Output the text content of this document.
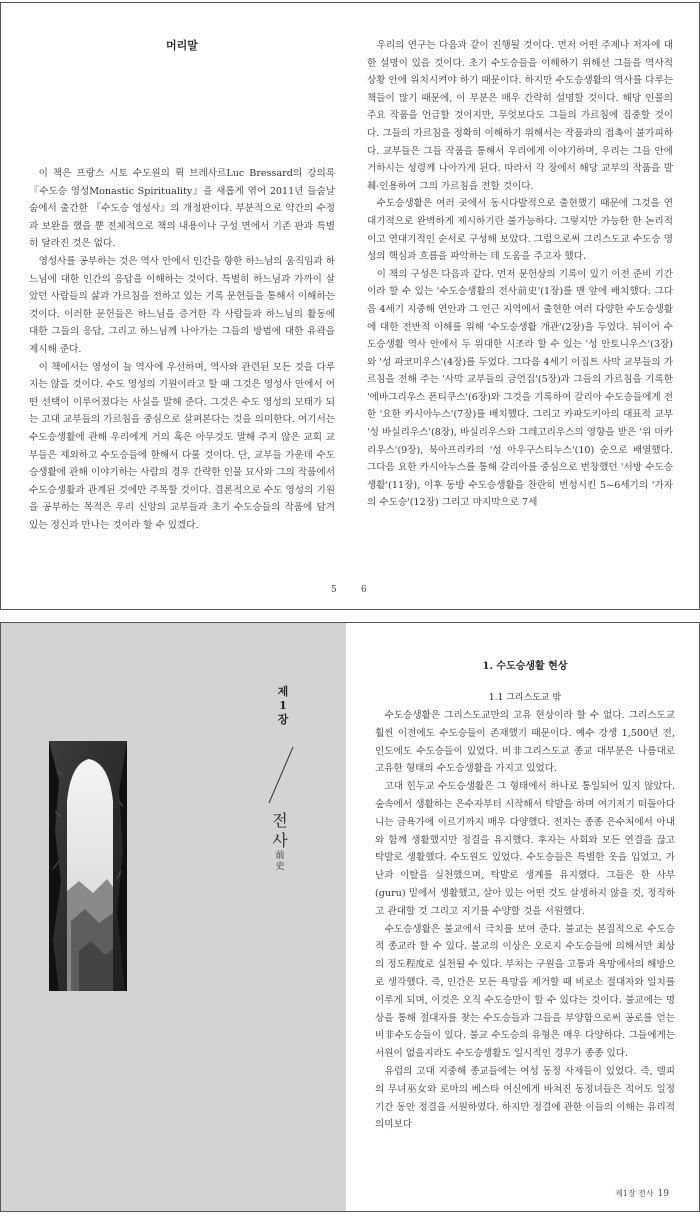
머리말

이 책은 프랑스 시토 수도원의 뤽 브레사르Luc Bressard의 강의록 『수도승 영성Monastic Spirituality』을 새롭게 엮어 2011년 들숨날숨에서 출간한 『수도승 영성사』의 개정판이다. 부분적으로 약간의 수정과 보완을 했을 뿐 전체적으로 책의 내용이나 구성 면에서 기존 판과 특별히 달라진 것은 없다.

영성사를 공부하는 것은 역사 안에서 인간을 향한 하느님의 움직임과 하느님에 대한 인간의 응답을 이해하는 것이다. 특별히 하느님과 가까이 살았던 사람들의 삶과 가르침을 전하고 있는 기록 문헌들을 통해서 이해하는 것이다. 이러한 문헌들은 하느님을 증거한 각 사람들과 하느님의 활동에 대한 그들의 응답, 그리고 하느님께 나아가는 그들의 방법에 대한 유곽을 제시해 준다.

이 책에서는 영성이 늘 역사에 우선하며, 역사와 관련된 모든 것을 다루지는 않을 것이다. 수도 영성의 기원이라고 할 때 그것은 영성사 안에서 어떤 선택이 이루어졌다는 사실을 말해 준다. 그것은 수도 영성의 모태가 되는 고대 교부들의 가르침을 중심으로 살펴본다는 것을 의미한다. 여기서는 수도승생활에 관해 우리에게 거의 혹은 아무것도 말해 주지 않은 교회 교부들은 제외하고 수도승들에 한해서 다룰 것이다. 단, 교부들 가운데 수도승생활에 관해 이야기하는 사람의 경우 간략한 인물 묘사와 그의 작품에서 수도승생활과 관계된 것에만 주목할 것이다. 결론적으로 수도 영성의 기원을 공부하는 목적은 우리 신앙의 교부들과 초기 수도승들의 작품에 담겨 있는 정신과 만나는 것이라 할 수 있겠다.

5

우리의 연구는 다음과 같이 진행될 것이다. 먼저 어떤 주제나 저자에 대한 설명이 있을 것이다. 초기 수도승들을 이해하기 위해선 그들을 역사적 상황 안에 위치시켜야 하기 때문이다. 하지만 수도승생활의 역사를 다루는 책들이 많기 때문에, 이 부분은 매우 간략히 설명할 것이다. 해당 인물의 주요 작품을 언급할 것이지만, 무엇보다도 그들의 가르침에 집중할 것이다. 그들의 가르침을 정확히 이해하기 위해서는 작품과의 접촉이 불가피하다. 교부들은 그들 작품을 통해서 우리에게 이야기하며, 우리는 그들 안에 거하시는 성령께 나아가게 된다. 따라서 각 장에서 해당 교부의 작품을 발췌·인용하여 그의 가르침을 전할 것이다.

수도승생활은 여러 곳에서 동시다발적으로 출현했기 때문에 그것을 연대기적으로 완벽하게 제시하기란 불가능하다. 그렇지만 가능한 한 논리적이고 연대기적인 순서로 구성해 보았다. 그럼으로써 그리스도교 수도승 영성의 핵심과 흐름을 파악하는 데 도움을 주고자 했다.

이 책의 구성은 다음과 같다. 먼저 문헌상의 기록이 있기 이전 준비 기간이라 할 수 있는 '수도승생활의 전사前史'(1장)를 맨 앞에 배치했다. 그다음 4세기 지중해 연안과 그 인근 지역에서 출현한 여러 다양한 수도승생활에 대한 전반적 이해를 위해 '수도승생활 개관'(2장)을 두었다. 뒤이어 수도승생활 역사 안에서 두 위대한 시조라 할 수 있는 '성 안토니우스'(3장)와 '성 파코미우스'(4장)를 두었다. 그다음 4세기 이집트 사막 교부들의 가르침을 전해 주는 '사막 교부들의 금언집'(5장)과 그들의 가르침을 기록한 '에바그리우스 폰티쿠스'(6장)와 그것을 기록하여 갈리아 수도승들에게 전한 '요한 카시아누스'(7장)를 배치했다. 그리고 카파도키아의 대표적 교부 '성 바실리우스'(8장), 바실리우스와 그레고리우스의 영향을 받은 '위 마카리우스'(9장), 북아프리카의 '성 아우구스티누스'(10) 순으로 배열했다. 그다음 요한 카시아누스를 통해 갈리아를 중심으로 번창했던 '서방 수도승생활'(11장), 이후 동방 수도승생활을 찬란히 번성시킨 5~6세기의 '가자의 수도승'(12장) 그리고 마지막으로 7세

6
제
1
장
전
사
前
史
1. 수도승생활 현상
1.1 그리스도교 밖

수도승생활은 그리스도교만의 고유 현상이라 할 수 없다. 그리스도교 훨씬 이전에도 수도승들이 존재했기 때문이다. 예수 강생 1,500년 전, 인도에도 수도승들이 있었다. 비非그리스도교 종교 대부분은 나름대로 고유한 형태의 수도승생활을 가지고 있었다.

고대 힌두교 수도승생활은 그 형태에서 하나로 통일되어 있지 않았다. 숲속에서 생활하는 은수자부터 시작해서 탁발을 하며 여기저기 떠돌아다니는 금욕가에 이르기까지 매우 다양했다. 전자는 종종 은수처에서 아내와 함께 생활했지만 정결을 유지했다. 후자는 사회와 모든 연결을 끊고 탁발로 생활했다. 수도원도 있었다. 수도승들은 특별한 옷을 입었고, 가난과 이탈을 실천했으며, 탁발로 생계를 유지했다. 그들은 한 사부(guru) 밑에서 생활했고, 살아 있는 어떤 것도 살생하지 않을 것, 정직하고 관대할 것 그리고 지기를 수양할 것을 서원했다.

수도승생활은 불교에서 극치를 보여 준다. 불교는 본질적으로 수도승적 종교라 할 수 있다. 불교의 이상은 오로지 수도승들에 의해서만 최상의 정도程度로 실천될 수 있다. 부처는 구원을 고통과 욕망에서의 해방으로 생각했다. 즉, 인간은 모든 욕망을 제거할 때 비로소 절대자와 일치를 이루게 되며, 이것은 오직 수도승만이 할 수 있다는 것이다. 불교에는 명상을 통해 절대자를 찾는 수도승들과 그들을 부양함으로써 공로를 얻는 비非수도승들이 있다. 불교 수도승의 유형은 매우 다양하다. 그들에게는 서원이 없을지라도 수도승생활도 일시적인 경우가 종종 있다.

유럽의 고대 지중해 종교들에는 여성 동정 사제들이 있었다. 즉, 델피의 무녀巫女와 로마의 베스타 여신에게 바쳐진 동정녀들은 적어도 일정 기간 동안 정결을 서원하였다. 하지만 정결에 관한 이들의 이해는 유리적 의미보다

제1장 전사 19
